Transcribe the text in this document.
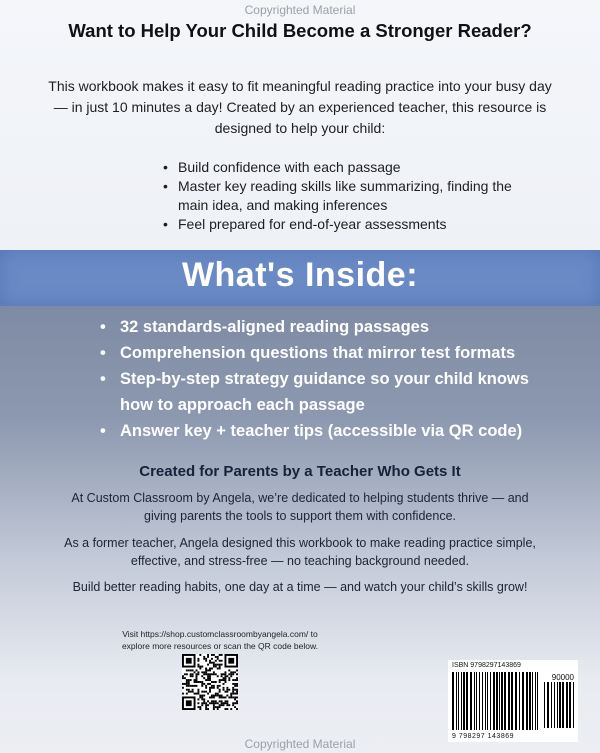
Copyrighted Material
Want to Help Your Child Become a Stronger Reader?
This workbook makes it easy to fit meaningful reading practice into your busy day — in just 10 minutes a day! Created by an experienced teacher, this resource is designed to help your child:
• Build confidence with each passage
• Master key reading skills like summarizing, finding the main idea, and making inferences
• Feel prepared for end-of-year assessments
What's Inside:
• 32 standards-aligned reading passages
• Comprehension questions that mirror test formats
• Step-by-step strategy guidance so your child knows how to approach each passage
• Answer key + teacher tips (accessible via QR code)
Created for Parents by a Teacher Who Gets It
At Custom Classroom by Angela, we’re dedicated to helping students thrive — and giving parents the tools to support them with confidence.
As a former teacher, Angela designed this workbook to make reading practice simple, effective, and stress-free — no teaching background needed.
Build better reading habits, one day at a time — and watch your child’s skills grow!
Visit https://shop.customclassroombyangela.com/ to explore more resources or scan the QR code below.
ISBN 9798297143869
90000
9 798297 143869
Copyrighted Material
